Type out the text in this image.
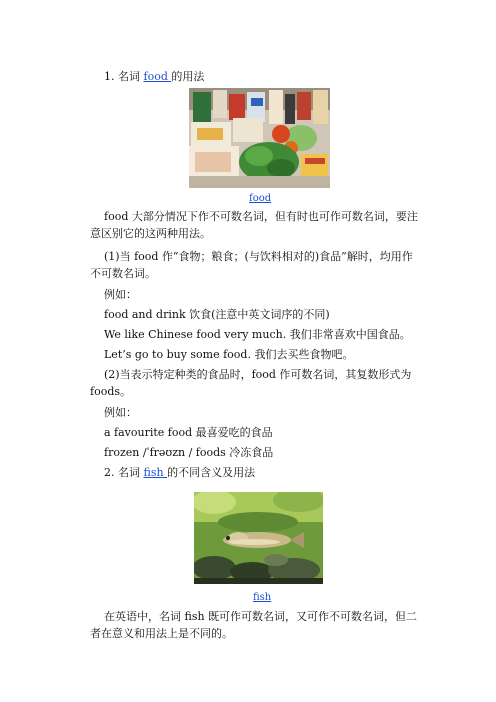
1. 名词 food 的用法
food
food 大部分情况下作不可数名词，但有时也可作可数名词，要注意区别它的这两种用法。
(1)当 food 作“食物；粮食；(与饮料相对的)食品”解时，均用作不可数名词。
例如：
food and drink 饮食(注意中英文词序的不同)
We like Chinese food very much. 我们非常喜欢中国食品。
Let’s go to buy some food. 我们去买些食物吧。
(2)当表示特定种类的食品时，food 作可数名词，其复数形式为 foods。
例如：
a favourite food 最喜爱吃的食品
frozen /ˈfrəʊzn / foods 冷冻食品
2. 名词 fish 的不同含义及用法
fish
在英语中，名词 fish 既可作可数名词，又可作不可数名词，但二者在意义和用法上是不同的。
